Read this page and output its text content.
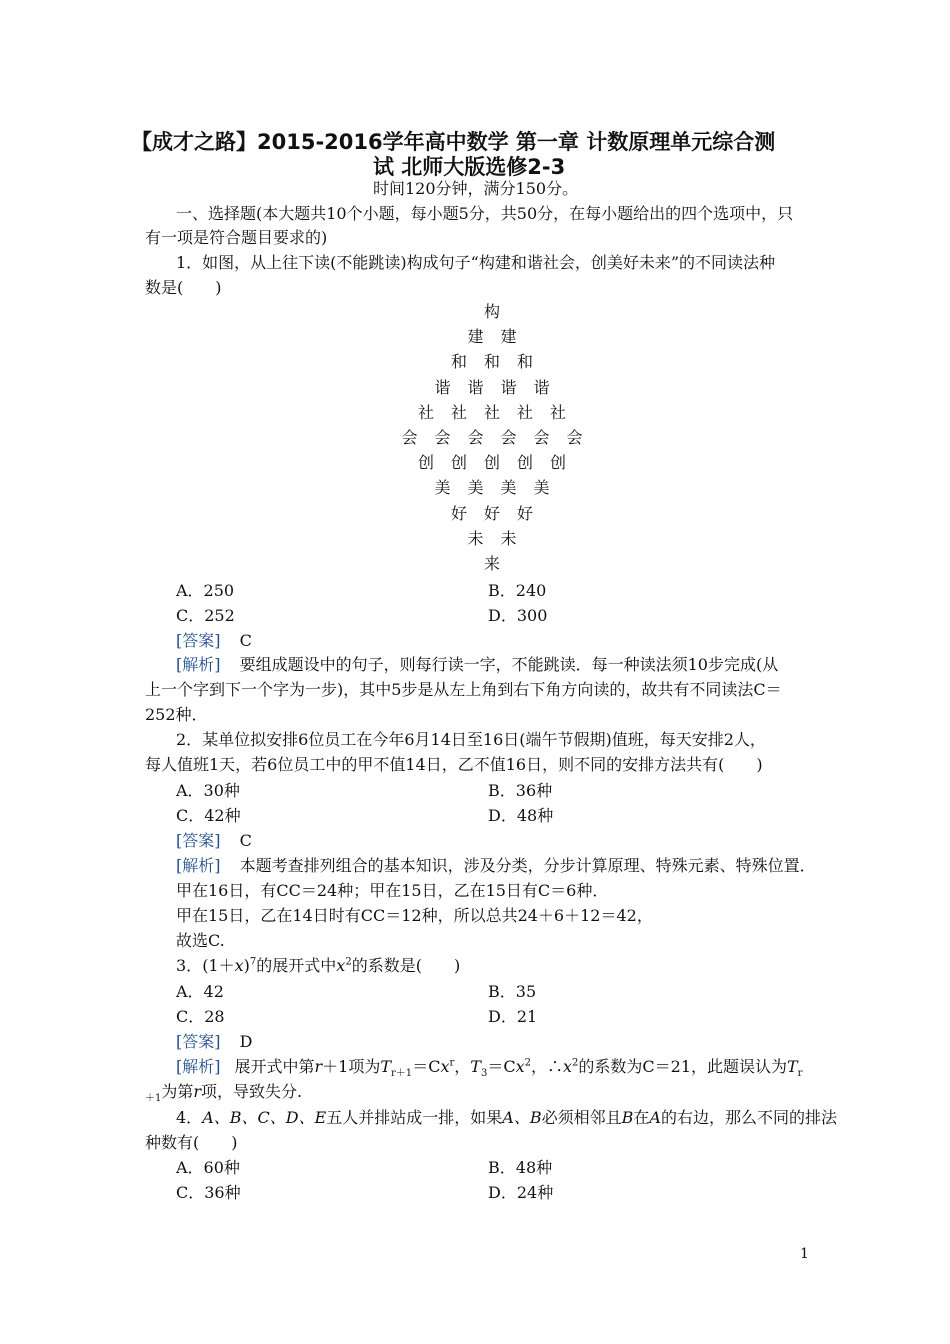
【成才之路】2015-2016学年高中数学 第一章 计数原理单元综合测
试 北师大版选修2-3
时间120分钟，满分150分。
一、选择题(本大题共10个小题，每小题5分，共50分，在每小题给出的四个选项中，只
有一项是符合题目要求的)
1．如图，从上往下读(不能跳读)构成句子“构建和谐社会，创美好未来”的不同读法种
数是(　　)
构
建 建
和 和 和
谐 谐 谐 谐
社 社 社 社 社
会 会 会 会 会 会
创 创 创 创 创
美 美 美 美
好 好 好
未 未
来
A．250	B．240
C．252	D．300
[答案] C
[解析] 要组成题设中的句子，则每行读一字，不能跳读．每一种读法须10步完成(从
上一个字到下一个字为一步)，其中5步是从左上角到右下角方向读的，故共有不同读法C＝
252种．
2．某单位拟安排6位员工在今年6月14日至16日(端午节假期)值班，每天安排2人，
每人值班1天，若6位员工中的甲不值14日，乙不值16日，则不同的安排方法共有(　　)
A．30种	B．36种
C．42种	D．48种
[答案] C
[解析] 本题考查排列组合的基本知识，涉及分类，分步计算原理、特殊元素、特殊位置．
甲在16日，有CC＝24种；甲在15日，乙在15日有C＝6种．
甲在15日，乙在14日时有CC＝12种，所以总共24＋6＋12＝42，
故选C.
3．$(1+x)^7$的展开式中$x^2$的系数是(　　)
A．42	B．35
C．28	D．21
[答案] D
[解析] 展开式中第r＋1项为$T_{r+1}=Cx^r$，$T_3=Cx^2$，$\therefore x^2$的系数为C＝21，此题误认为$T_r$
$_{+1}$为第r项，导致失分.
4．A、B、C、D、E五人并排站成一排，如果A、B必须相邻且B在A的右边，那么不同的排法
种数有(　　)
A．60种	B．48种
C．36种	D．24种
1
